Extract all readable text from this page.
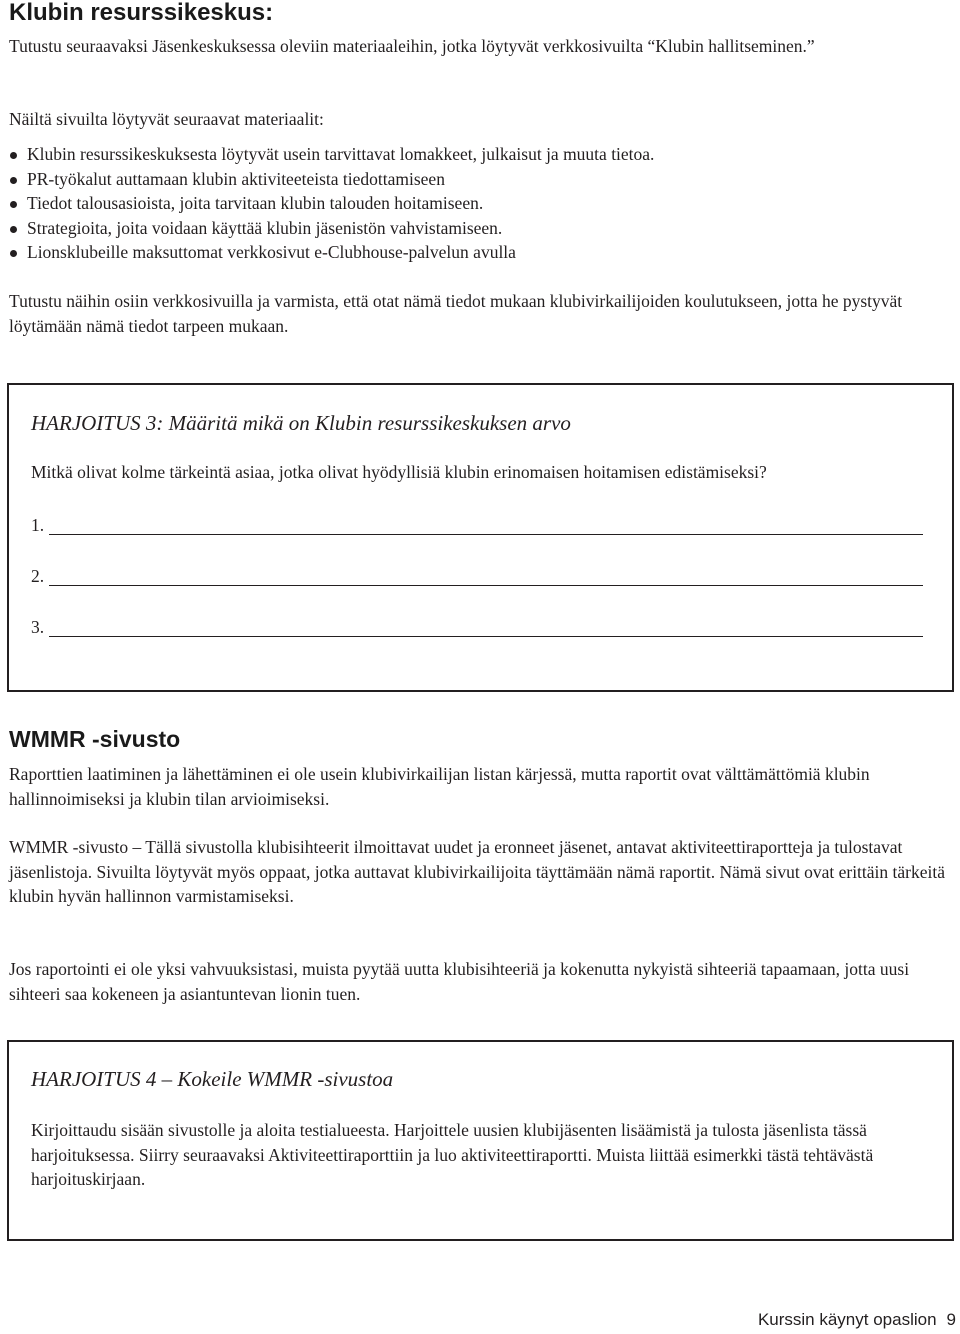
Klubin resurssikeskus:

Tutustu seuraavaksi Jäsenkeskuksessa oleviin materiaaleihin, jotka löytyvät verkkosivuilta “Klubin hallitseminen.”

Näiltä sivuilta löytyvät seuraavat materiaalit:

Klubin resurssikeskuksesta löytyvät usein tarvittavat lomakkeet, julkaisut ja muuta tietoa.
PR-työkalut auttamaan klubin aktiviteeteista tiedottamiseen
Tiedot talousasioista, joita tarvitaan klubin talouden hoitamiseen.
Strategioita, joita voidaan käyttää klubin jäsenistön vahvistamiseen.
Lionsklubeille maksuttomat verkkosivut e-Clubhouse-palvelun avulla

Tutustu näihin osiin verkkosivuilla ja varmista, että otat nämä tiedot mukaan klubivirkailijoiden koulutukseen, jotta he pystyvät löytämään nämä tiedot tarpeen mukaan.

HARJOITUS 3: Määritä mikä on Klubin resurssikeskuksen arvo

Mitkä olivat kolme tärkeintä asiaa, jotka olivat hyödyllisiä klubin erinomaisen hoitamisen edistämiseksi?

1.
2.
3.
WMMR -sivusto

Raporttien laatiminen ja lähettäminen ei ole usein klubivirkailijan listan kärjessä, mutta raportit ovat välttämättömiä klubin hallinnoimiseksi ja klubin tilan arvioimiseksi.

WMMR -sivusto – Tällä sivustolla klubisihteerit ilmoittavat uudet ja eronneet jäsenet, antavat aktiviteettiraportteja ja tulostavat jäsenlistoja. Sivuilta löytyvät myös oppaat, jotka auttavat klubivirkailijoita täyttämään nämä raportit. Nämä sivut ovat erittäin tärkeitä klubin hyvän hallinnon varmistamiseksi.

Jos raportointi ei ole yksi vahvuuksistasi, muista pyytää uutta klubisihteeriä ja kokenutta nykyistä sihteeriä tapaamaan, jotta uusi sihteeri saa kokeneen ja asiantuntevan lionin tuen.

HARJOITUS 4 – Kokeile WMMR -sivustoa

Kirjoittaudu sisään sivustolle ja aloita testialueesta. Harjoittele uusien klubijäsenten lisäämistä ja tulosta jäsenlista tässä harjoituksessa. Siirry seuraavaksi Aktiviteettiraporttiin ja luo aktiviteettiraportti. Muista liittää esimerkki tästä tehtävästä harjoituskirjaan.

Kurssin käynyt opaslion 9
